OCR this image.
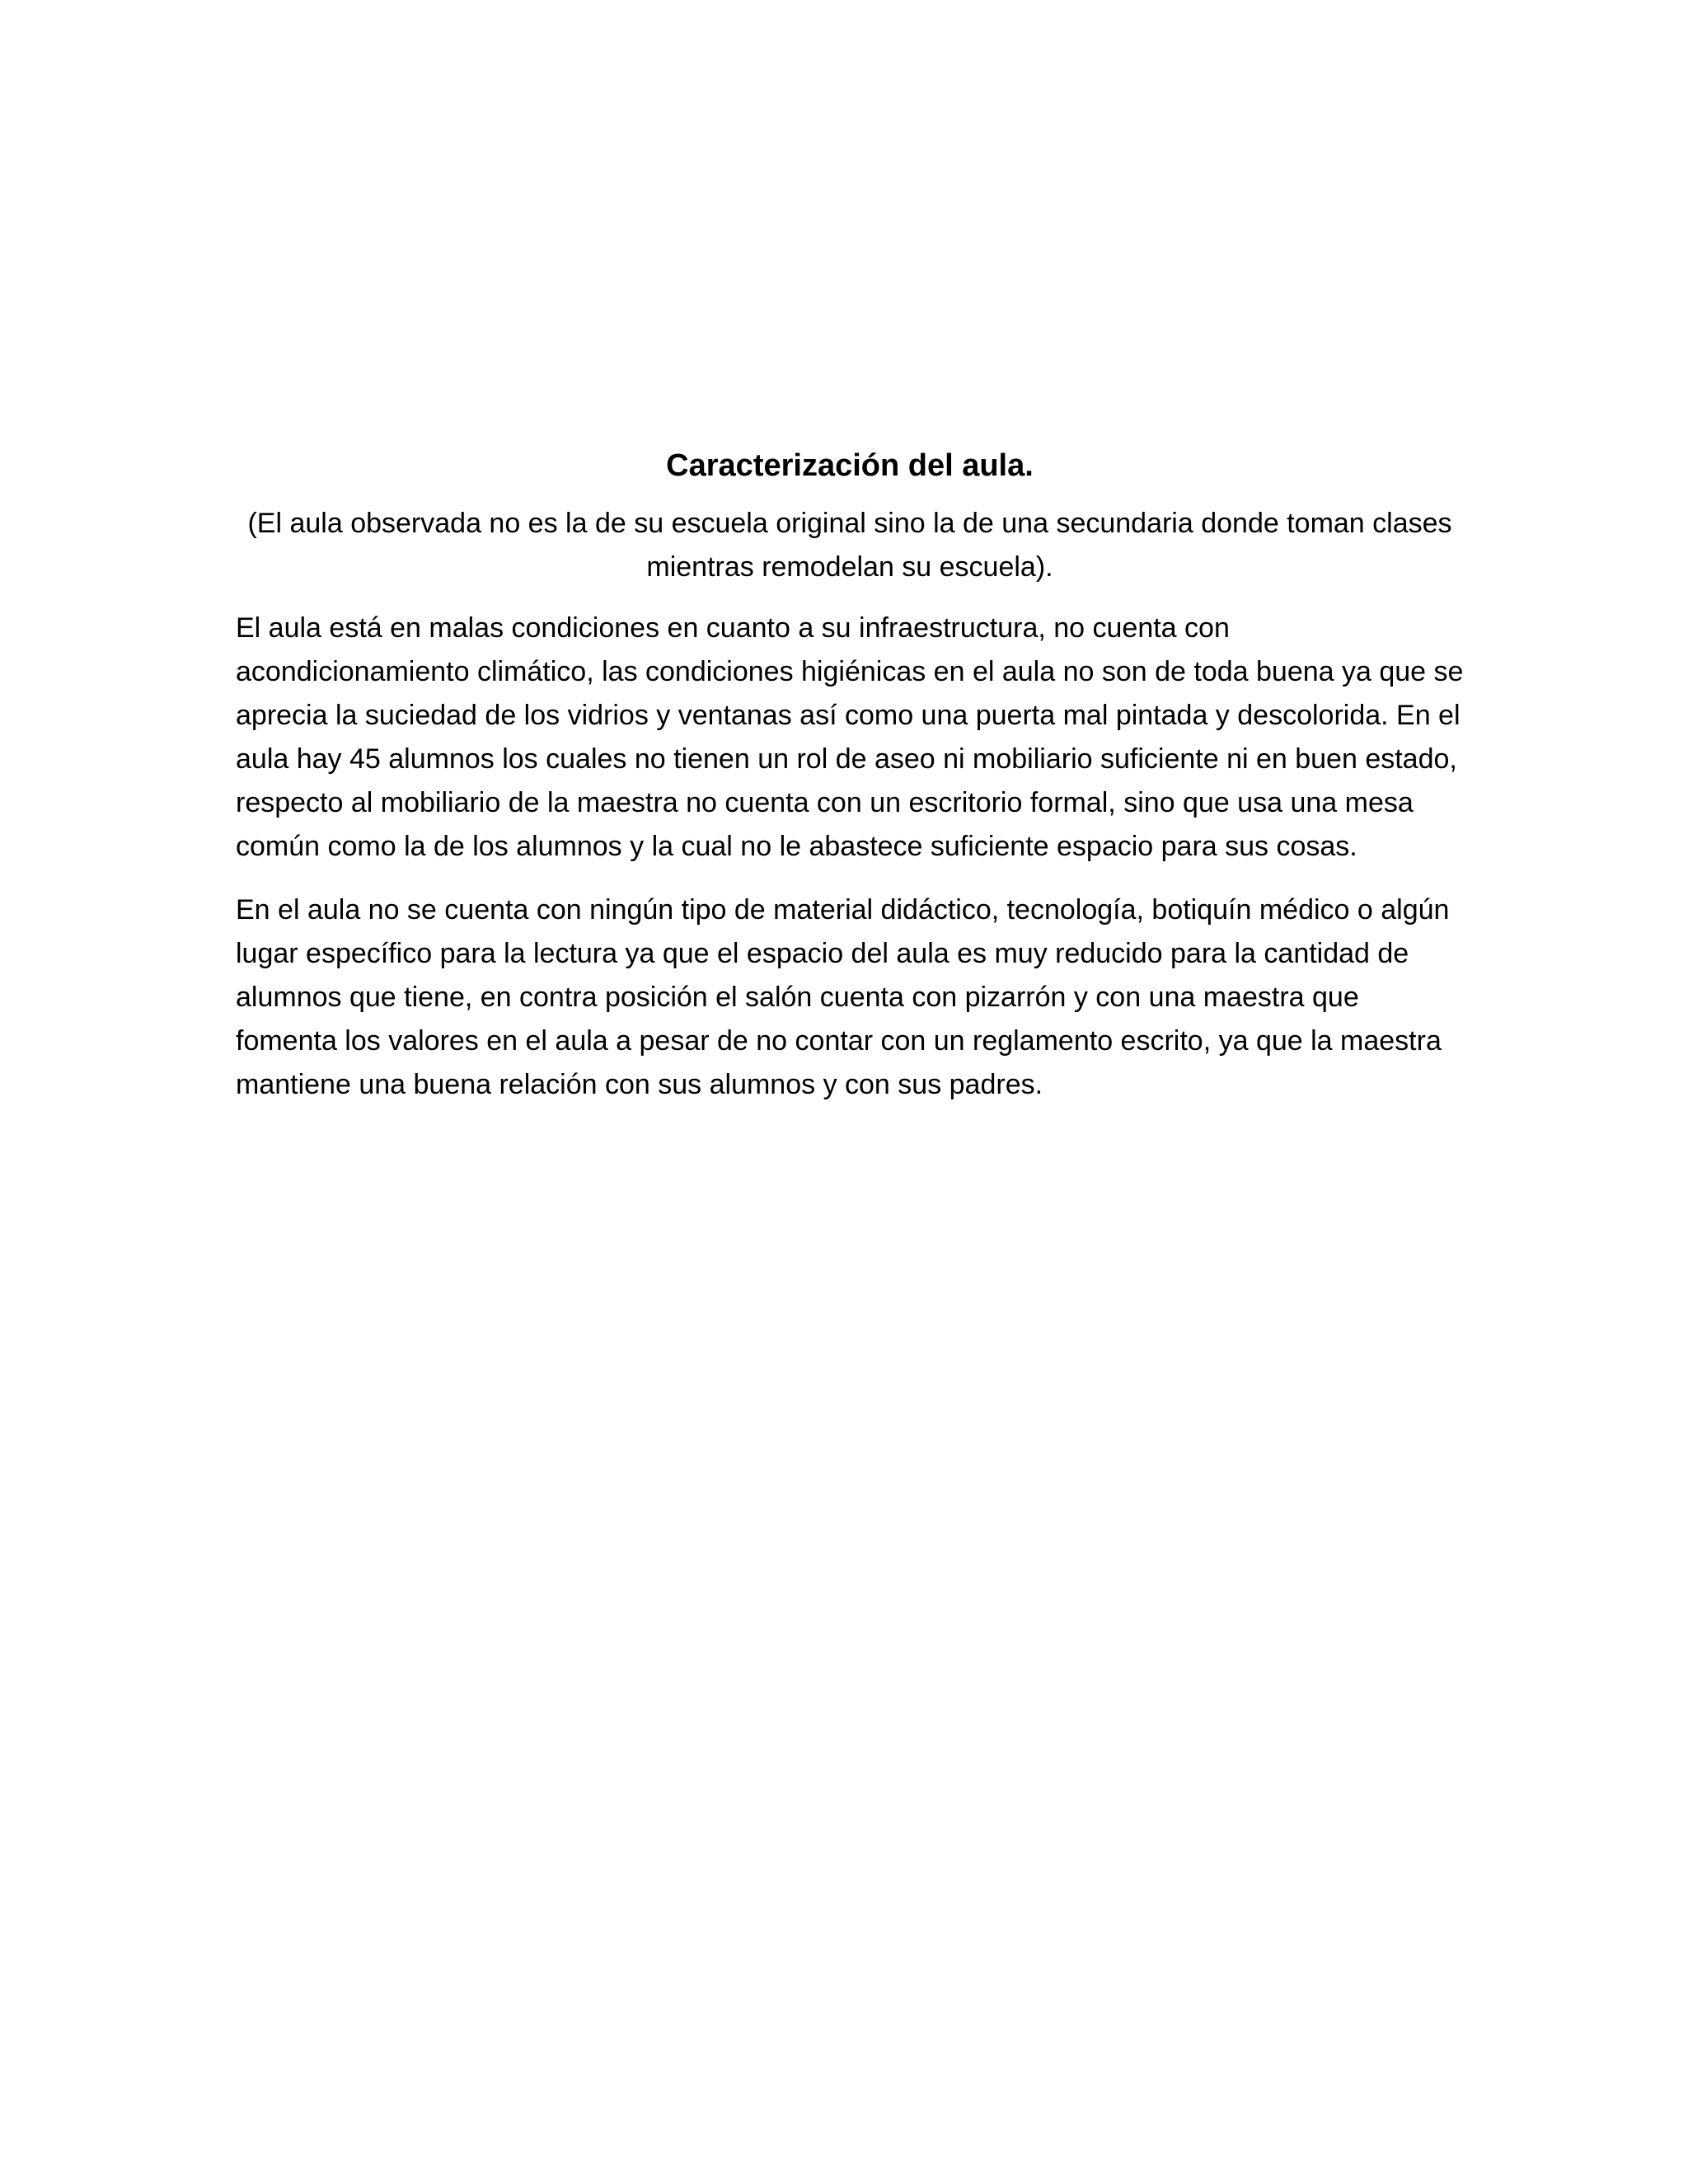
Caracterización del aula.

(El aula observada no es la de su escuela original sino la de una secundaria donde toman clases mientras remodelan su escuela).

El aula está en malas condiciones en cuanto a su infraestructura, no cuenta con acondicionamiento climático, las condiciones higiénicas en el aula no son de toda buena ya que se aprecia la suciedad de los vidrios y ventanas así como una puerta mal pintada y descolorida. En el aula hay 45 alumnos los cuales no tienen un rol de aseo ni mobiliario suficiente ni en buen estado, respecto al mobiliario de la maestra no cuenta con un escritorio formal, sino que usa una mesa común como la de los alumnos y la cual no le abastece suficiente espacio para sus cosas.

En el aula no se cuenta con ningún tipo de material didáctico, tecnología, botiquín médico o algún lugar específico para la lectura ya que el espacio del aula es muy reducido para la cantidad de alumnos que tiene, en contra posición el salón cuenta con pizarrón y con una maestra que fomenta los valores en el aula a pesar de no contar con un reglamento escrito, ya que la maestra mantiene una buena relación con sus alumnos y con sus padres.
